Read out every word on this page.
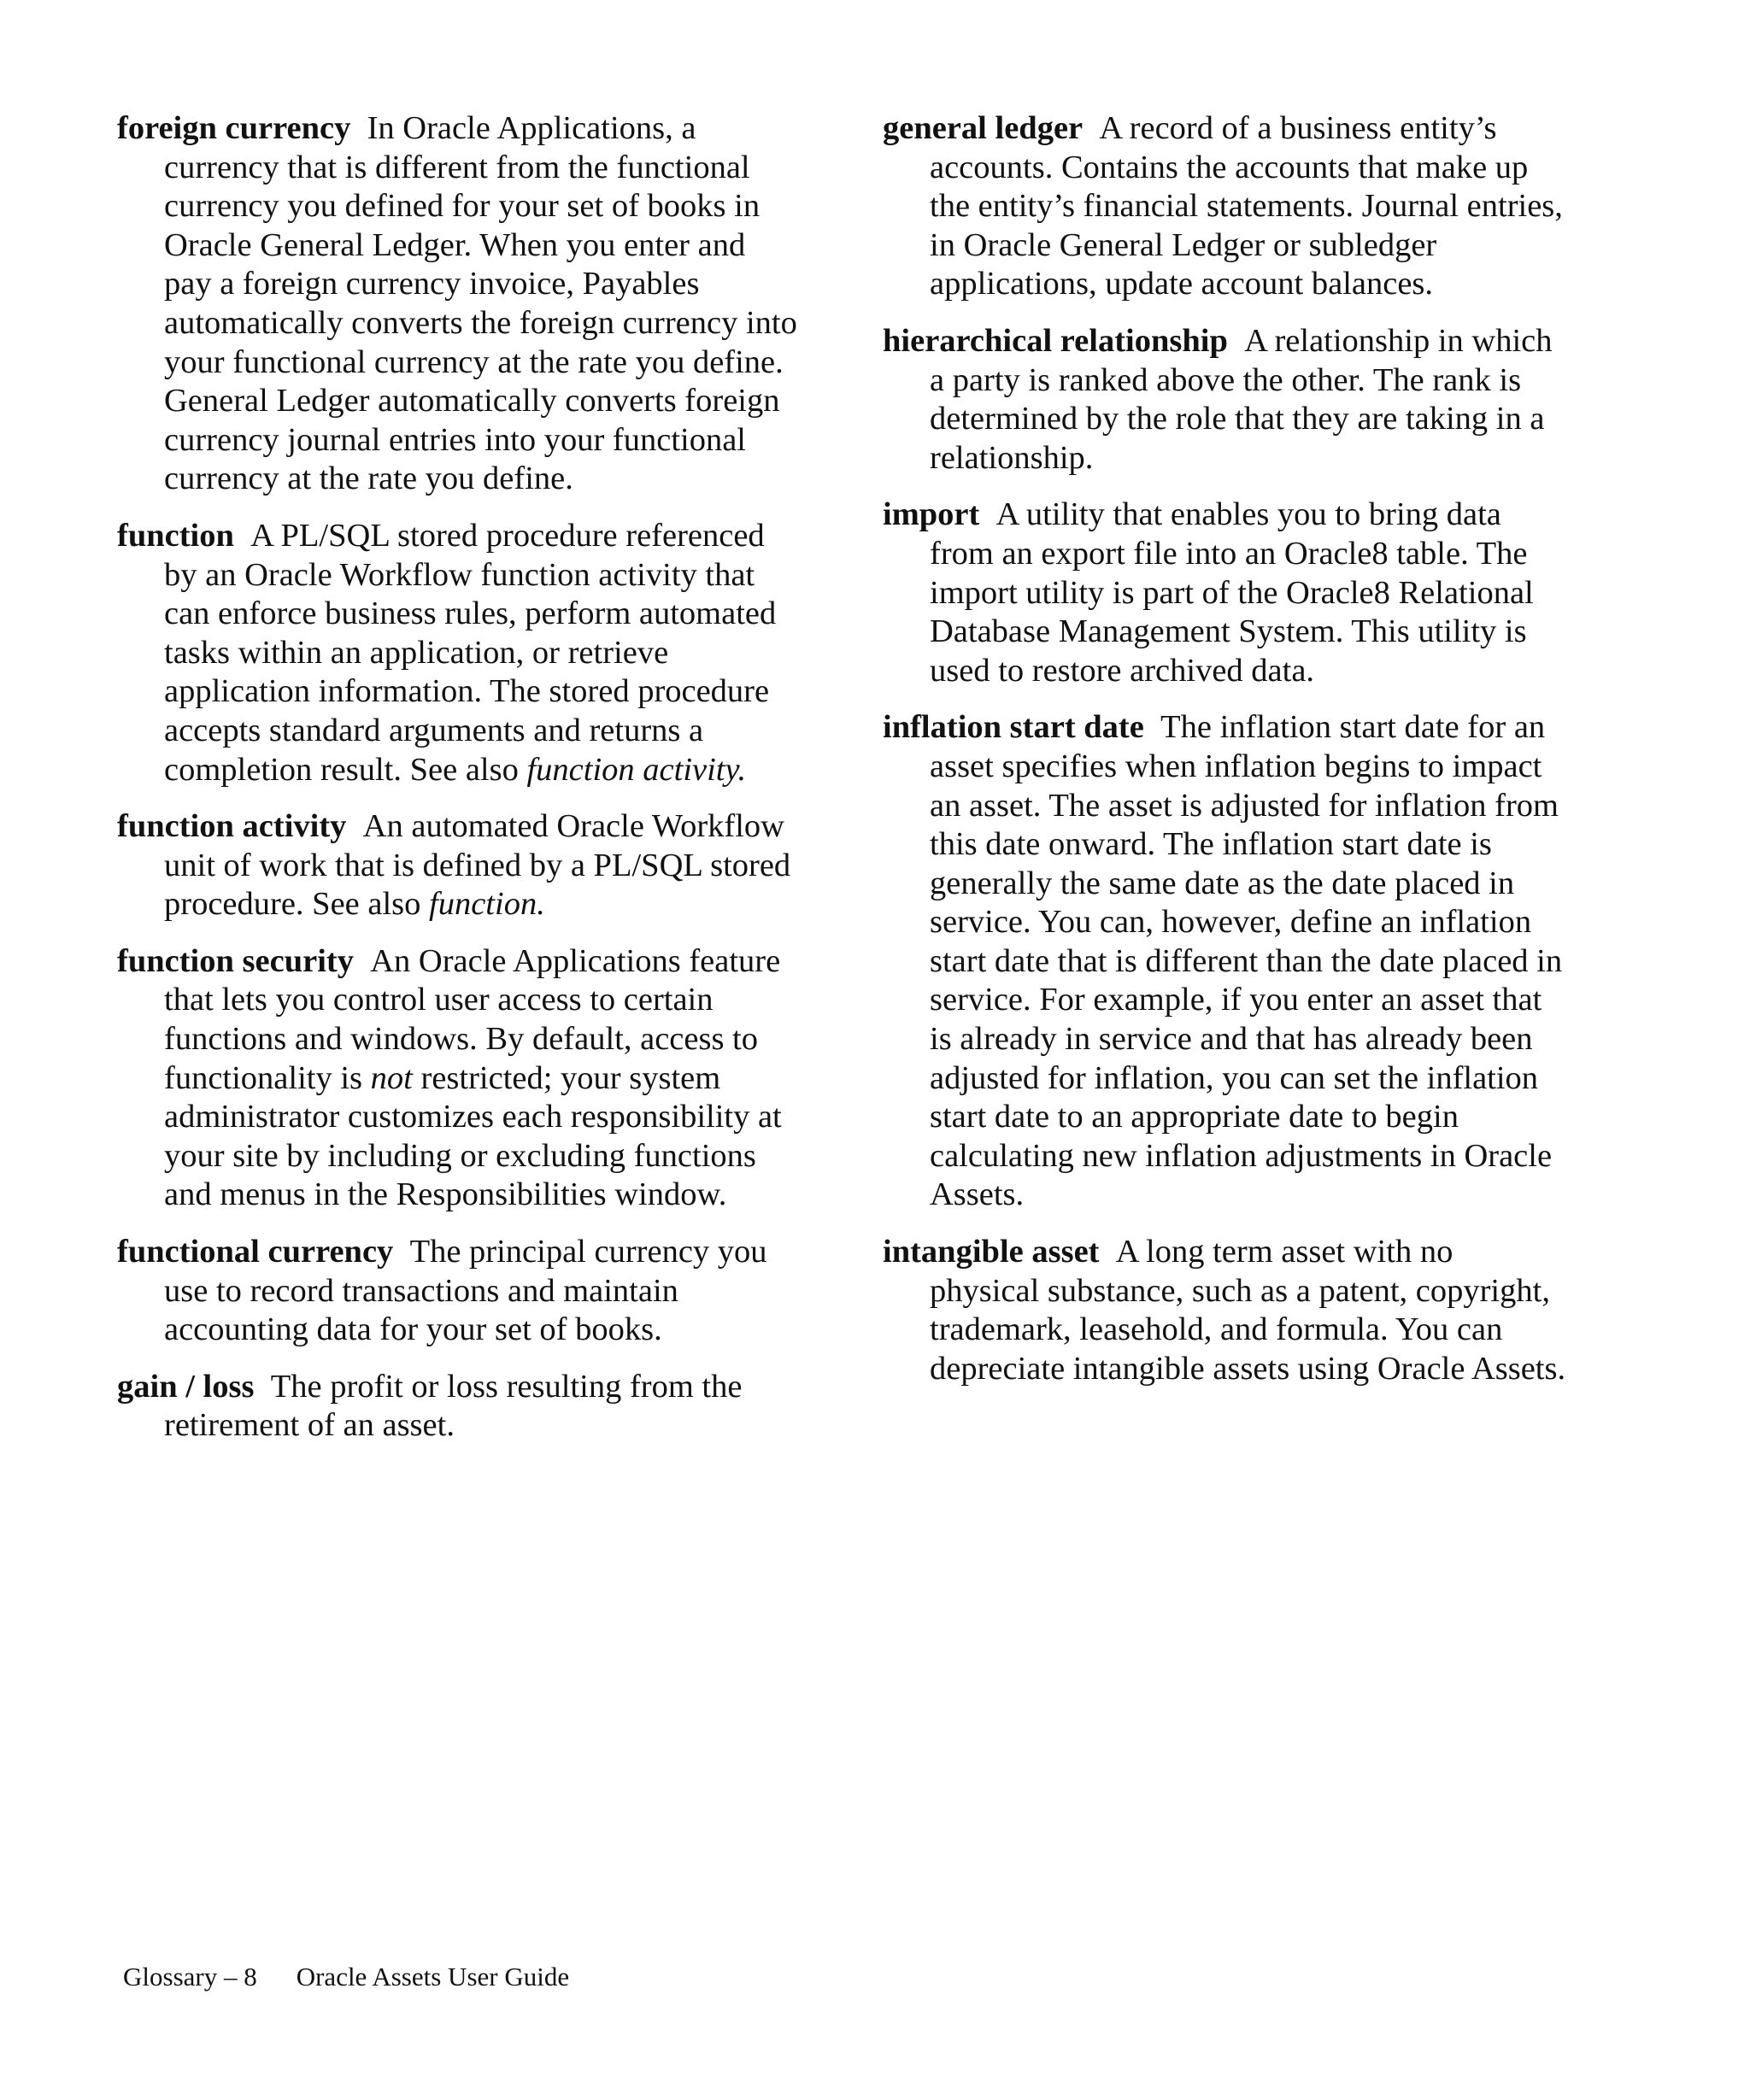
foreign currency In Oracle Applications, a currency that is different from the functional currency you defined for your set of books in Oracle General Ledger. When you enter and pay a foreign currency invoice, Payables automatically converts the foreign currency into your functional currency at the rate you define. General Ledger automatically converts foreign currency journal entries into your functional currency at the rate you define.

function A PL/SQL stored procedure referenced by an Oracle Workflow function activity that can enforce business rules, perform automated tasks within an application, or retrieve application information. The stored procedure accepts standard arguments and returns a completion result. See also function activity.

function activity An automated Oracle Workflow unit of work that is defined by a PL/SQL stored procedure. See also function.

function security An Oracle Applications feature that lets you control user access to certain functions and windows. By default, access to functionality is not restricted; your system administrator customizes each responsibility at your site by including or excluding functions and menus in the Responsibilities window.

functional currency The principal currency you use to record transactions and maintain accounting data for your set of books.

gain / loss The profit or loss resulting from the retirement of an asset.

general ledger A record of a business entity’s accounts. Contains the accounts that make up the entity’s financial statements. Journal entries, in Oracle General Ledger or subledger applications, update account balances.

hierarchical relationship A relationship in which a party is ranked above the other. The rank is determined by the role that they are taking in a relationship.

import A utility that enables you to bring data from an export file into an Oracle8 table. The import utility is part of the Oracle8 Relational Database Management System. This utility is used to restore archived data.

inflation start date The inflation start date for an asset specifies when inflation begins to impact an asset. The asset is adjusted for inflation from this date onward. The inflation start date is generally the same date as the date placed in service. You can, however, define an inflation start date that is different than the date placed in service. For example, if you enter an asset that is already in service and that has already been adjusted for inflation, you can set the inflation start date to an appropriate date to begin calculating new inflation adjustments in Oracle Assets.

intangible asset A long term asset with no physical substance, such as a patent, copyright, trademark, leasehold, and formula. You can depreciate intangible assets using Oracle Assets.

Glossary – 8 Oracle Assets User Guide
